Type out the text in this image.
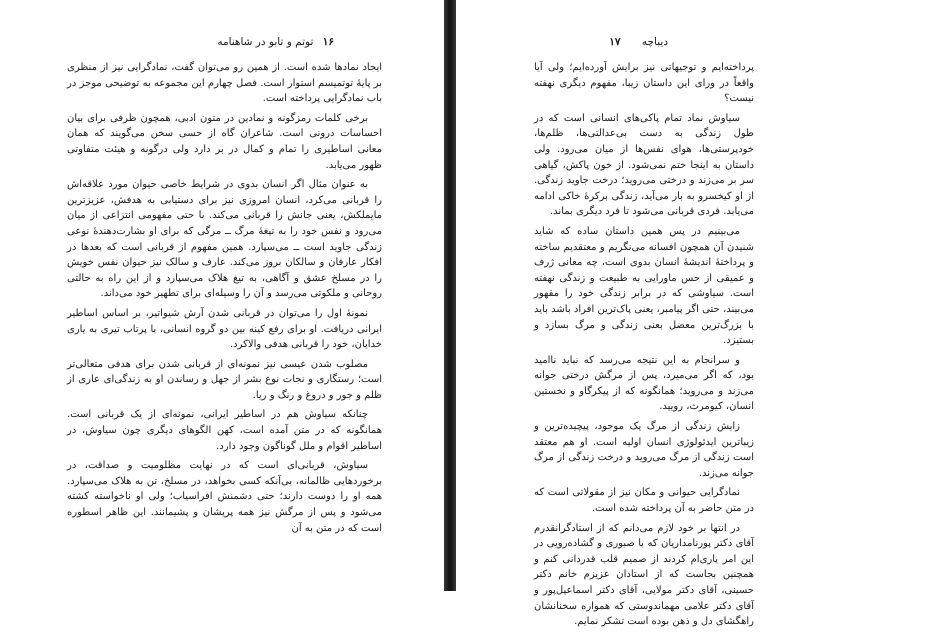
۱۶ توتم و تابو در شاهنامه

ایجاد نمادها شده است. از همین رو می‌توان گفت، نمادگرایی نیز از منظری بر پایهٔ توتمیسم استوار است. فصل چهارم این مجموعه به توضیحی موجز در باب نمادگرایی پرداخته است.

برخی کلمات رمزگونه و نمادین در متون ادبی، همچون ظرفی برای بیان احساسات درونی است. شاعران گاه از حسی سخن می‌گویند که همان معانی اساطیری را تمام و کمال در بر دارد ولی درگونه و هیئت متفاوتی ظهور می‌یابد.

به عنوان مثال اگر انسان بدوی در شرایط خاصی حیوان مورد علاقه‌اش را قربانی می‌کرد، انسان امروزی نیز برای دستیابی به هدفش، عزیزترین مایملکش، یعنی جانش را قربانی می‌کند. با حتی مفهومی انتزاعی از میان می‌رود و نفس خود را به تیغهٔ مرگ ــ مرگی که برای او بشارت‌دهندهٔ نوعی زندگی جاوید است ــ می‌سپارد. همین مفهوم از قربانی است که بعدها در افکار عارفان و سالکان بروز می‌کند. عارف و سالک نیز حیوان نفس خویش را در مسلخ عشق و آگاهی، به تیغ هلاک می‌سپارد و از این راه به حالتی روحانی و ملکوتی می‌رسد و آن را وسیله‌ای برای تطهیر خود می‌داند.

نمونهٔ اول را می‌توان در قربانی شدن آرش شیواتیر، بر اساس اساطیر ایرانی دریافت. او برای رفع کینه بین دو گروه انسانی، با پرتاب تیری به یاری خدایان، خود را قربانی هدفی والاکرد.

مصلوب شدن عیسی نیز نمونه‌ای از قربانی شدن برای هدفی متعالی‌تر است؛ رستگاری و نجات نوع بشر از جهل و رساندن او به زندگی‌ای عاری از ظلم و جور و دروغ و رنگ و ریا.

چنانکه سیاوش هم در اساطیر ایرانی، نمونه‌ای از یک قربانی است. همانگونه که در متن آمده است، کهن الگوهای دیگری چون سیاوش، در اساطیر اقوام و ملل گوناگون وجود دارد.

سیاوش، قربانی‌ای است که در نهایت مظلومیت و صداقت، در برخوردهایی ظالمانه، بی‌آنکه کسی بخواهد، در مسلخ، تن به هلاک می‌سپارد. همه او را دوست دارند؛ حتی دشمنش افراسیاب؛ ولی او ناخواسته کشته می‌شود و پس از مرگش نیز همه پریشان و پشیمانند. این ظاهر اسطوره است که در متن به آن

دیباچه ۱۷

پرداخته‌ایم و توجیهاتی نیز برایش آورده‌ایم؛ ولی آیا واقعاً در ورای این داستان زیبا، مفهوم دیگری نهفته نیست؟

سیاوش نماد تمام پاکی‌های انسانی است که در طول زندگی به دست بی‌عدالتی‌ها، ظلم‌ها، خودپرستی‌ها، هوای نفس‌ها از میان می‌رود. ولی داستان به اینجا ختم نمی‌شود. از خون پاکش، گیاهی سر بر می‌زند و درختی می‌روید؛ درخت جاوید زندگی. از او کیخسرو به بار می‌آید، زندگی برکرهٔ خاکی ادامه می‌یابد. فردی قربانی می‌شود تا فرد دیگری بماند.

می‌بینیم در پس همین داستان ساده که شاید شنیدن آن همچون افسانه می‌نگریم و معتقدیم ساخته و پرداختهٔ اندیشهٔ انسان بدوی است، چه معانی ژرف و عمیقی از حس ماورایی به طبیعت و زندگی نهفته است. سیاوشی که در برابر زندگی خود را مقهور می‌بیند، حتی اگر پیامبر، یعنی پاک‌ترین افراد باشد باید با بزرگ‌ترین معضل بعنی زندگی و مرگ بسازد و بستیزد.

و سرانجام به این نتیجه می‌رسد که نباید ناامید بود، که اگر می‌میرد، پس از مرگش درختی جوانه می‌زند و می‌روید؛ همانگونه که از پیکرگاو و نخستین انسان، کیومرث، رویید.

زایش زندگی از مرگ یک موجود، پیچیده‌ترین و زیباترین ایدئولوژی انسان اولیه است. او هم معتقد است زندگی از مرگ می‌روید و درخت زندگی از مرگ جوانه می‌زند.

نمادگرایی حیوانی و مکان نیز از مقولاتی است که در متن حاضر به آن پرداخته شده است.

در انتها بر خود لازم می‌دانم که از استادگرانقدرم آقای دکتر پورنامداریان که با صبوری و گشاده‌رویی در این امر یاری‌ام کردند از صمیم قلب قدردانی کنم و همچنین بجاست که از استادان عزیزم خانم دکتر حسینی، آقای دکتر مولایی، آقای دکتر اسماعیل‌پور و آقای دکتر علامی مهماندوستی که همواره سخنانشان راهگشای دل و ذهن بوده است تشکر نمایم.
